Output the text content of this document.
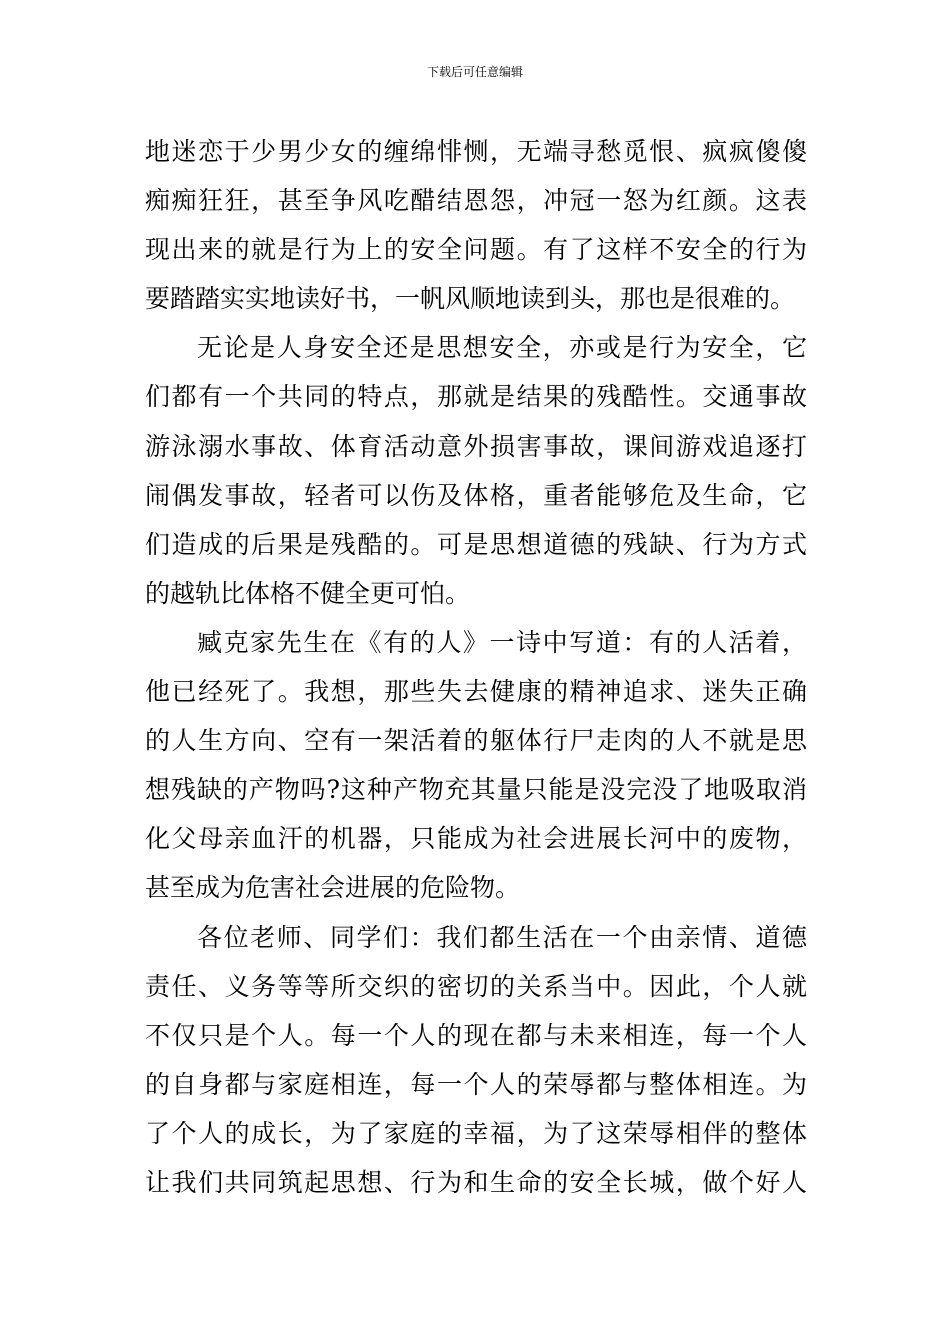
下载后可任意编辑
地迷恋于少男少女的缠绵悱恻，无端寻愁觅恨、疯疯傻傻
痴痴狂狂，甚至争风吃醋结恩怨，冲冠一怒为红颜。这表
现出来的就是行为上的安全问题。有了这样不安全的行为
要踏踏实实地读好书，一帆风顺地读到头，那也是很难的。
无论是人身安全还是思想安全，亦或是行为安全，它
们都有一个共同的特点，那就是结果的残酷性。交通事故
游泳溺水事故、体育活动意外损害事故，课间游戏追逐打
闹偶发事故，轻者可以伤及体格，重者能够危及生命，它
们造成的后果是残酷的。可是思想道德的残缺、行为方式
的越轨比体格不健全更可怕。
臧克家先生在《有的人》一诗中写道：有的人活着，
他已经死了。我想，那些失去健康的精神追求、迷失正确
的人生方向、空有一架活着的躯体行尸走肉的人不就是思
想残缺的产物吗?这种产物充其量只能是没完没了地吸取消
化父母亲血汗的机器，只能成为社会进展长河中的废物，
甚至成为危害社会进展的危险物。
各位老师、同学们：我们都生活在一个由亲情、道德
责任、义务等等所交织的密切的关系当中。因此，个人就
不仅只是个人。每一个人的现在都与未来相连，每一个人
的自身都与家庭相连，每一个人的荣辱都与整体相连。为
了个人的成长，为了家庭的幸福，为了这荣辱相伴的整体
让我们共同筑起思想、行为和生命的安全长城，做个好人
